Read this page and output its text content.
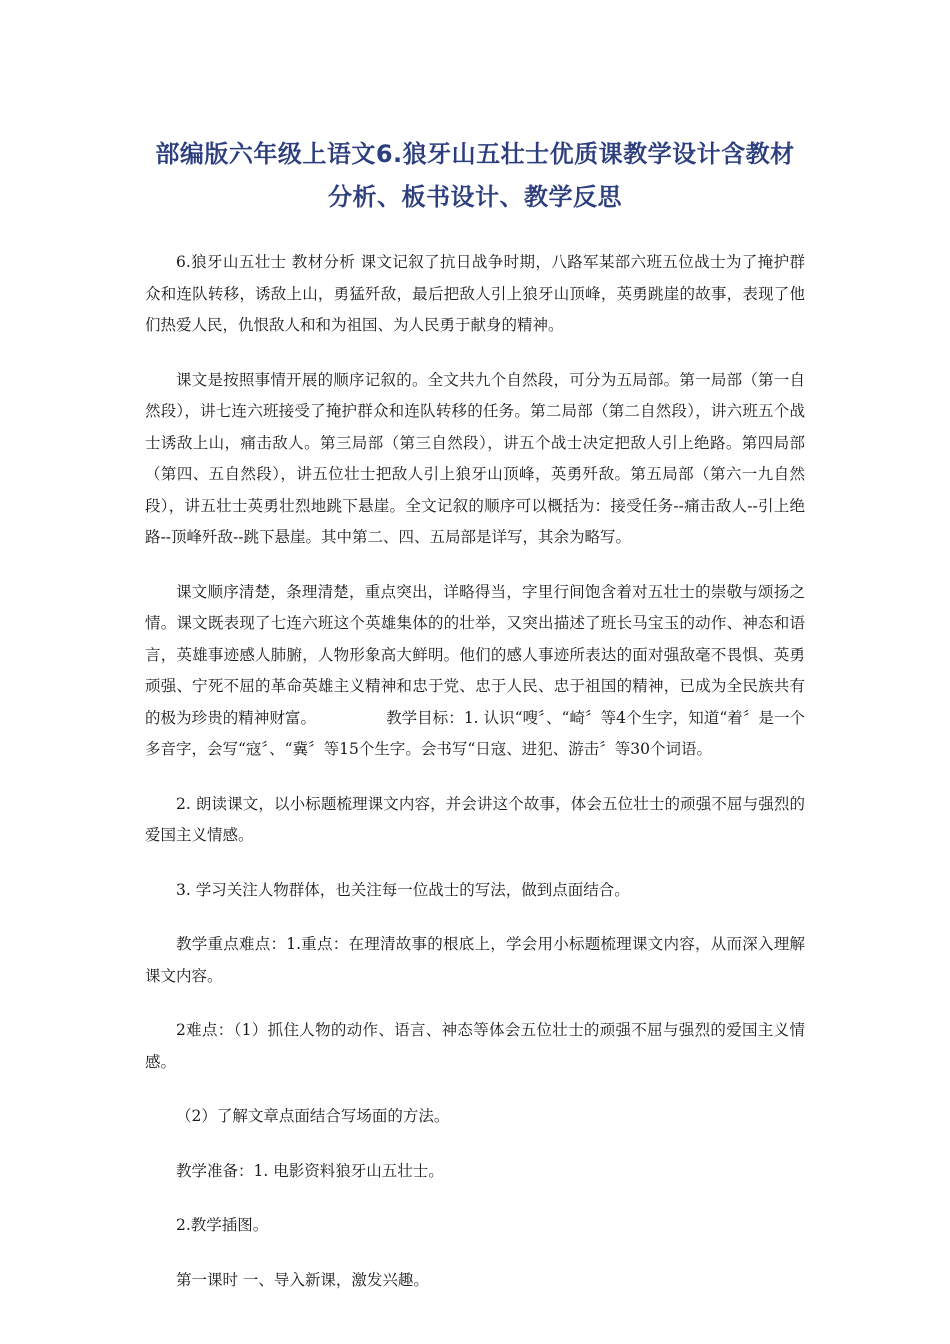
部编版六年级上语文6.狼牙山五壮士优质课教学设计含教材分析、板书设计、教学反思

6.狼牙山五壮士 教材分析 课文记叙了抗日战争时期，八路军某部六班五位战士为了掩护群众和连队转移，诱敌上山，勇猛歼敌，最后把敌人引上狼牙山顶峰，英勇跳崖的故事，表现了他们热爱人民，仇恨敌人和和为祖国、为人民勇于献身的精神。

课文是按照事情开展的顺序记叙的。全文共九个自然段，可分为五局部。第一局部（第一自然段），讲七连六班接受了掩护群众和连队转移的任务。第二局部（第二自然段），讲六班五个战士诱敌上山，痛击敌人。第三局部（第三自然段），讲五个战士决定把敌人引上绝路。第四局部（第四、五自然段），讲五位壮士把敌人引上狼牙山顶峰，英勇歼敌。第五局部（第六一九自然段），讲五壮士英勇壮烈地跳下悬崖。全文记叙的顺序可以概括为：接受任务--痛击敌人--引上绝路--顶峰歼敌--跳下悬崖。其中第二、四、五局部是详写，其余为略写。

课文顺序清楚，条理清楚，重点突出，详略得当，字里行间饱含着对五壮士的崇敬与颂扬之情。课文既表现了七连六班这个英雄集体的的壮举，又突出描述了班长马宝玉的动作、神态和语言，英雄事迹感人肺腑，人物形象高大鲜明。他们的感人事迹所表达的面对强敌毫不畏惧、英勇顽强、宁死不屈的革命英雄主义精神和忠于党、忠于人民、忠于祖国的精神，已成为全民族共有的极为珍贵的精神财富。	教学目标：1. 认识“嗖〞、“崎〞等4个生字，知道“着〞是一个多音字，会写“寇〞、“冀〞等15个生字。会书写“日寇、进犯、游击〞等30个词语。

2. 朗读课文，以小标题梳理课文内容，并会讲这个故事，体会五位壮士的顽强不屈与强烈的爱国主义情感。

3. 学习关注人物群体，也关注每一位战士的写法，做到点面结合。

教学重点难点：1.重点：在理清故事的根底上，学会用小标题梳理课文内容，从而深入理解课文内容。

2难点：（1）抓住人物的动作、语言、神态等体会五位壮士的顽强不屈与强烈的爱国主义情感。

（2）了解文章点面结合写场面的方法。

教学准备：1. 电影资料狼牙山五壮士。

2.教学插图。

第一课时 一、导入新课，激发兴趣。
